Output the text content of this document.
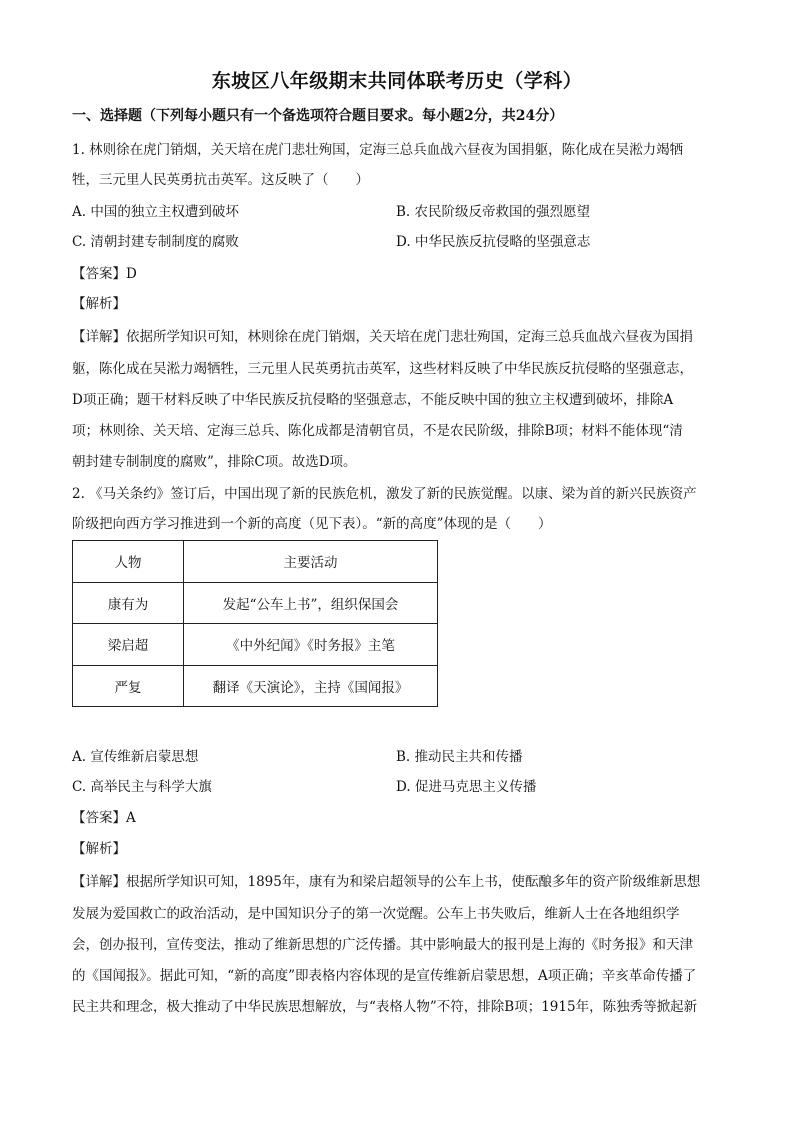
东坡区八年级期末共同体联考历史（学科）
一、选择题（下列每小题只有一个备选项符合题目要求。每小题2分，共24分）
1. 林则徐在虎门销烟，关天培在虎门悲壮殉国，定海三总兵血战六昼夜为国捐躯，陈化成在吴淞力竭牺
牲，三元里人民英勇抗击英军。这反映了（　　）
A. 中国的独立主权遭到破坏	B. 农民阶级反帝救国的强烈愿望
C. 清朝封建专制制度的腐败	D. 中华民族反抗侵略的坚强意志
【答案】D
【解析】
【详解】依据所学知识可知，林则徐在虎门销烟，关天培在虎门悲壮殉国，定海三总兵血战六昼夜为国捐
躯，陈化成在吴淞力竭牺牲，三元里人民英勇抗击英军，这些材料反映了中华民族反抗侵略的坚强意志，
D项正确；题干材料反映了中华民族反抗侵略的坚强意志，不能反映中国的独立主权遭到破坏，排除A
项；林则徐、关天培、定海三总兵、陈化成都是清朝官员，不是农民阶级，排除B项；材料不能体现“清
朝封建专制制度的腐败”，排除C项。故选D项。
2. 《马关条约》签订后，中国出现了新的民族危机，激发了新的民族觉醒。以康、梁为首的新兴民族资产
阶级把向西方学习推进到一个新的高度（见下表）。“新的高度”体现的是（　　）
人物	主要活动
康有为	发起“公车上书”，组织保国会
梁启超	《中外纪闻》《时务报》主笔
严复	翻译《天演论》，主持《国闻报》
A. 宣传维新启蒙思想	B. 推动民主共和传播
C. 高举民主与科学大旗	D. 促进马克思主义传播
【答案】A
【解析】
【详解】根据所学知识可知，1895年，康有为和梁启超领导的公车上书，使酝酿多年的资产阶级维新思想
发展为爱国救亡的政治活动，是中国知识分子的第一次觉醒。公车上书失败后，维新人士在各地组织学
会，创办报刊，宣传变法，推动了维新思想的广泛传播。其中影响最大的报刊是上海的《时务报》和天津
的《国闻报》。据此可知，“新的高度”即表格内容体现的是宣传维新启蒙思想，A项正确；辛亥革命传播了
民主共和理念，极大推动了中华民族思想解放，与“表格人物”不符，排除B项；1915年，陈独秀等掀起新
